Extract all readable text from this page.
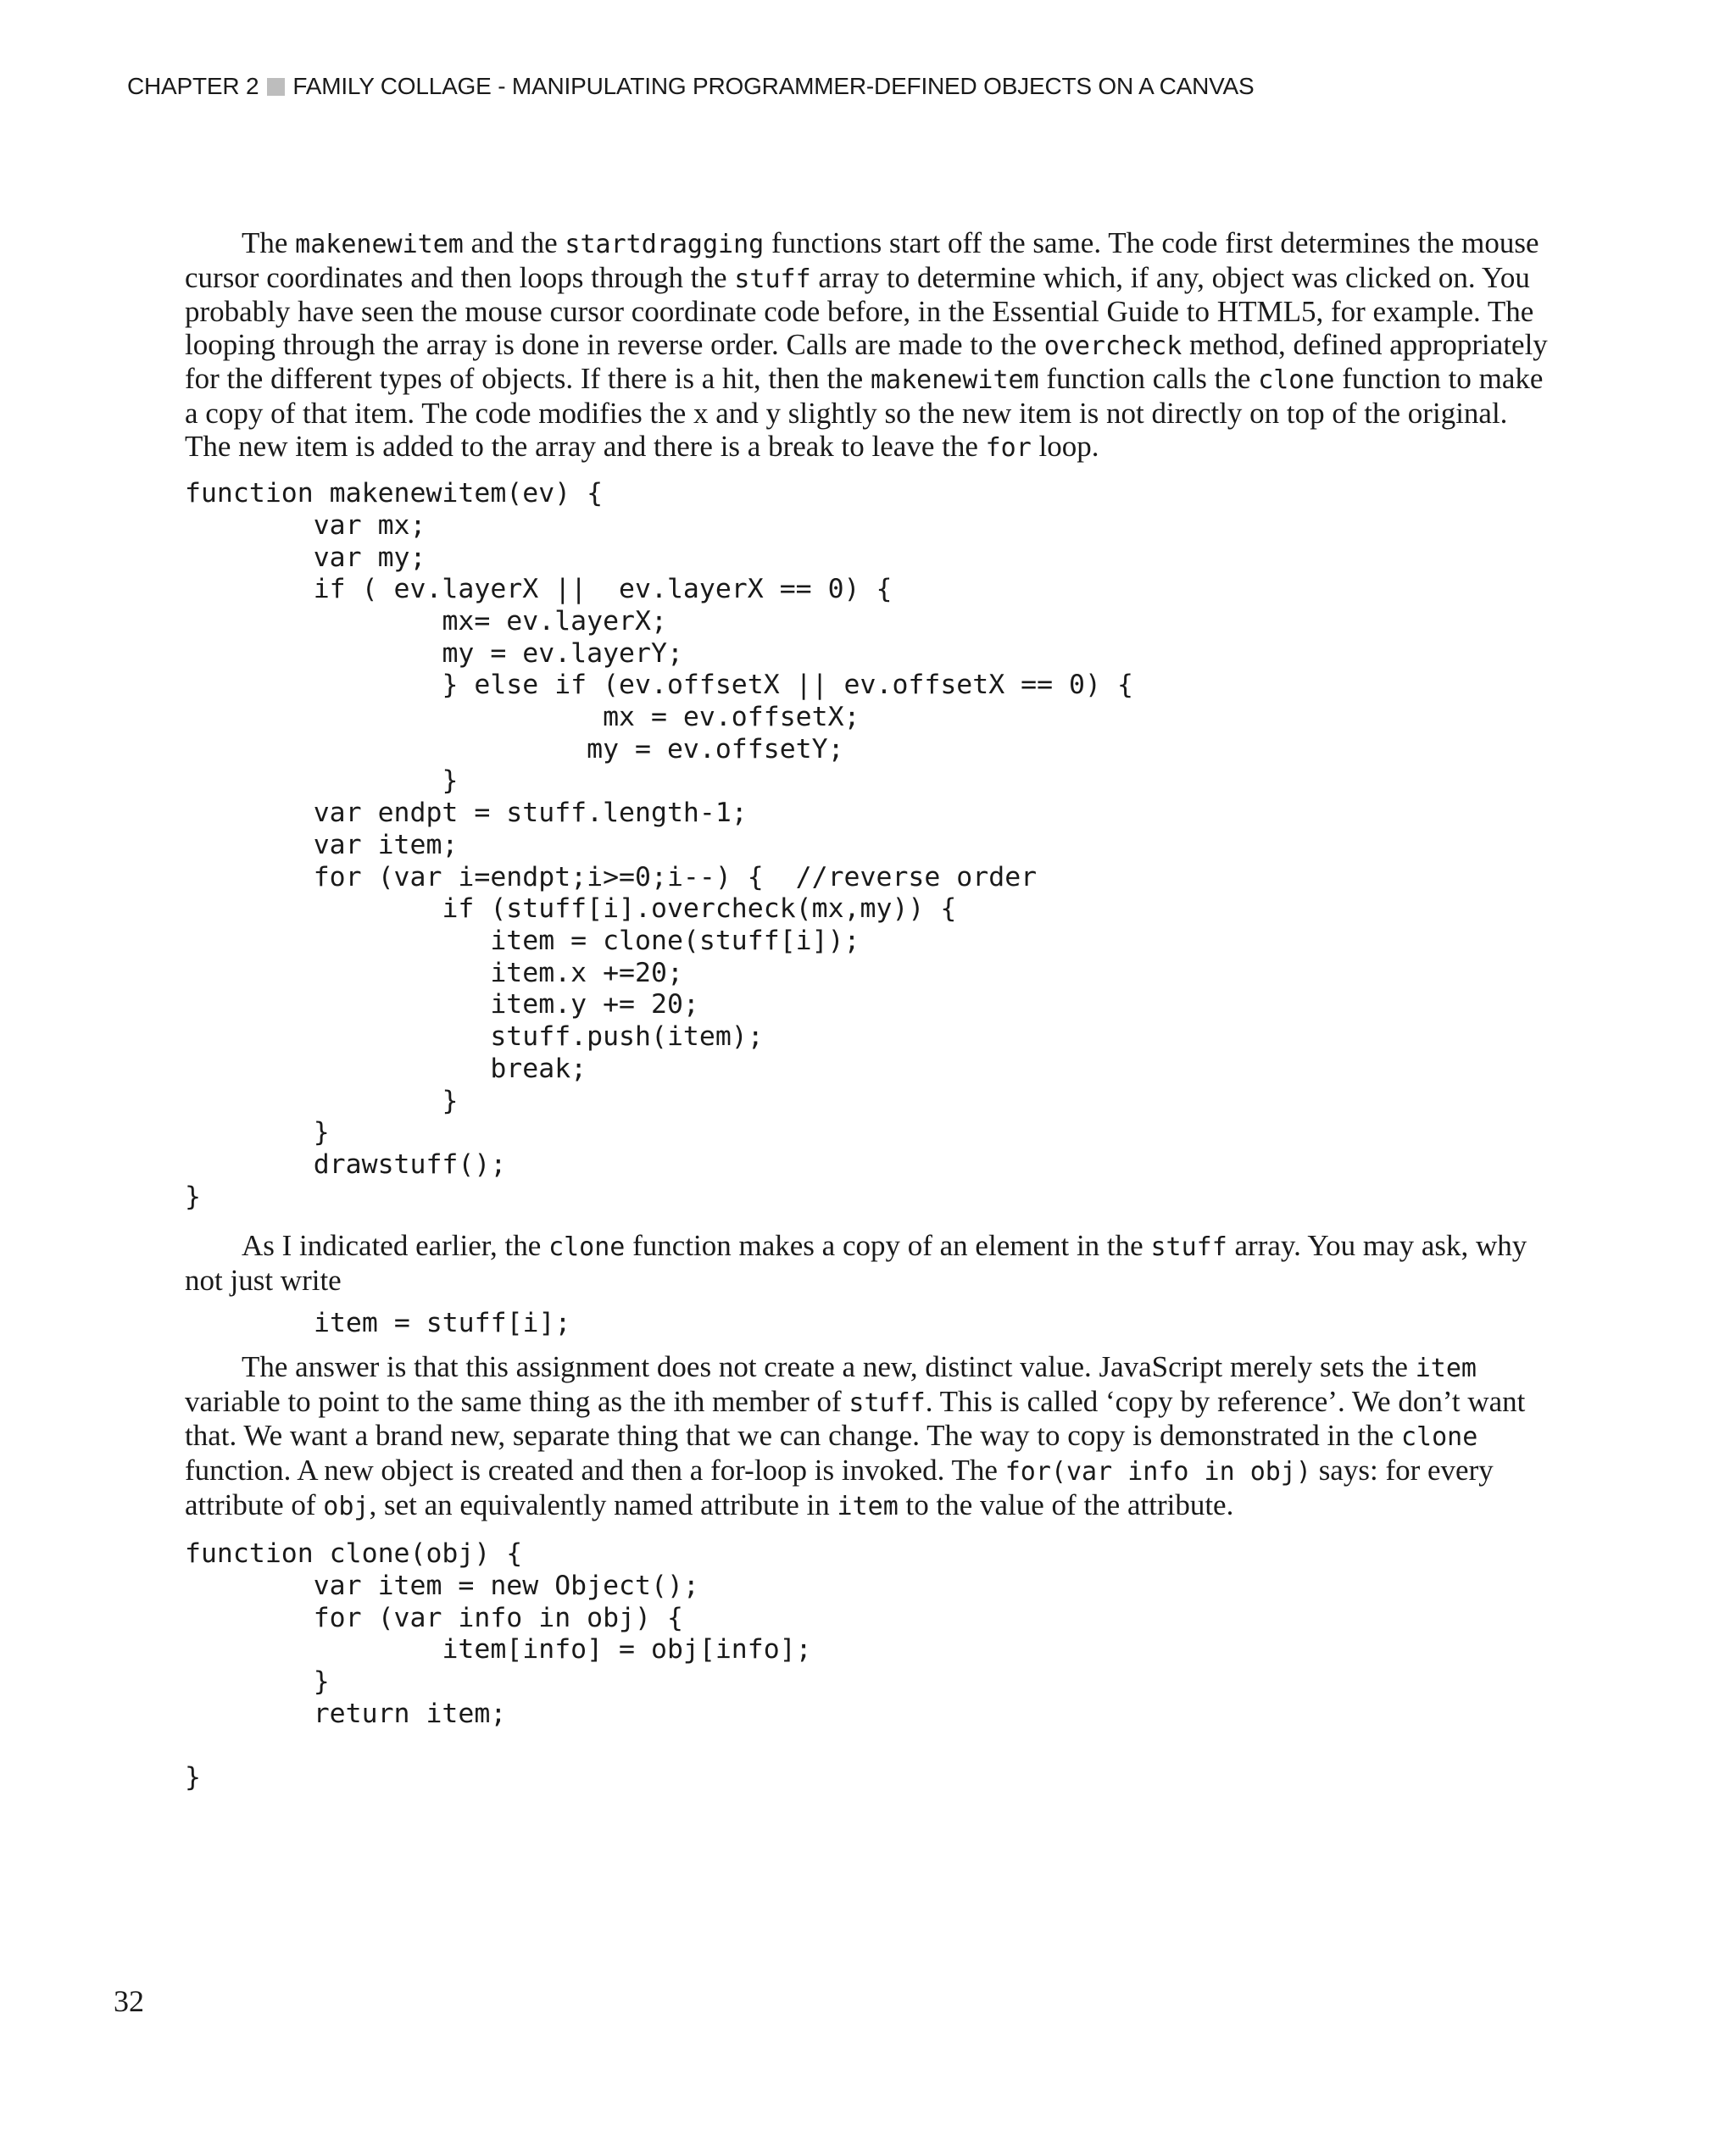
CHAPTER 2 FAMILY COLLAGE - MANIPULATING PROGRAMMER-DEFINED OBJECTS ON A CANVAS

The makenewitem and the startdragging functions start off the same. The code first determines the mouse cursor coordinates and then loops through the stuff array to determine which, if any, object was clicked on. You probably have seen the mouse cursor coordinate code before, in the Essential Guide to HTML5, for example. The looping through the array is done in reverse order. Calls are made to the overcheck method, defined appropriately for the different types of objects. If there is a hit, then the makenewitem function calls the clone function to make a copy of that item. The code modifies the x and y slightly so the new item is not directly on top of the original. The new item is added to the array and there is a break to leave the for loop.

function makenewitem(ev) {
	var mx;
	var my;
	if ( ev.layerX ||  ev.layerX == 0) {
		mx= ev.layerX;
		my = ev.layerY;
		} else if (ev.offsetX || ev.offsetX == 0) {
		mx = ev.offsetX;
		my = ev.offsetY;
		}
	var endpt = stuff.length-1;
	var item;
	for (var i=endpt;i>=0;i--) {  //reverse order
		if (stuff[i].overcheck(mx,my)) {
		item = clone(stuff[i]);
		item.x +=20;
		item.y += 20;
		stuff.push(item);
		break;
		}
	}
	drawstuff();
}

As I indicated earlier, the clone function makes a copy of an element in the stuff array. You may ask, why not just write

item = stuff[i];

The answer is that this assignment does not create a new, distinct value. JavaScript merely sets the item variable to point to the same thing as the ith member of stuff. This is called ‘copy by reference’. We don’t want that. We want a brand new, separate thing that we can change. The way to copy is demonstrated in the clone function. A new object is created and then a for-loop is invoked. The for(var info in obj) says: for every attribute of obj, set an equivalently named attribute in item to the value of the attribute.

function clone(obj) {
	var item = new Object();
	for (var info in obj) {
		item[info] = obj[info];
	}
	return item;

}
32
